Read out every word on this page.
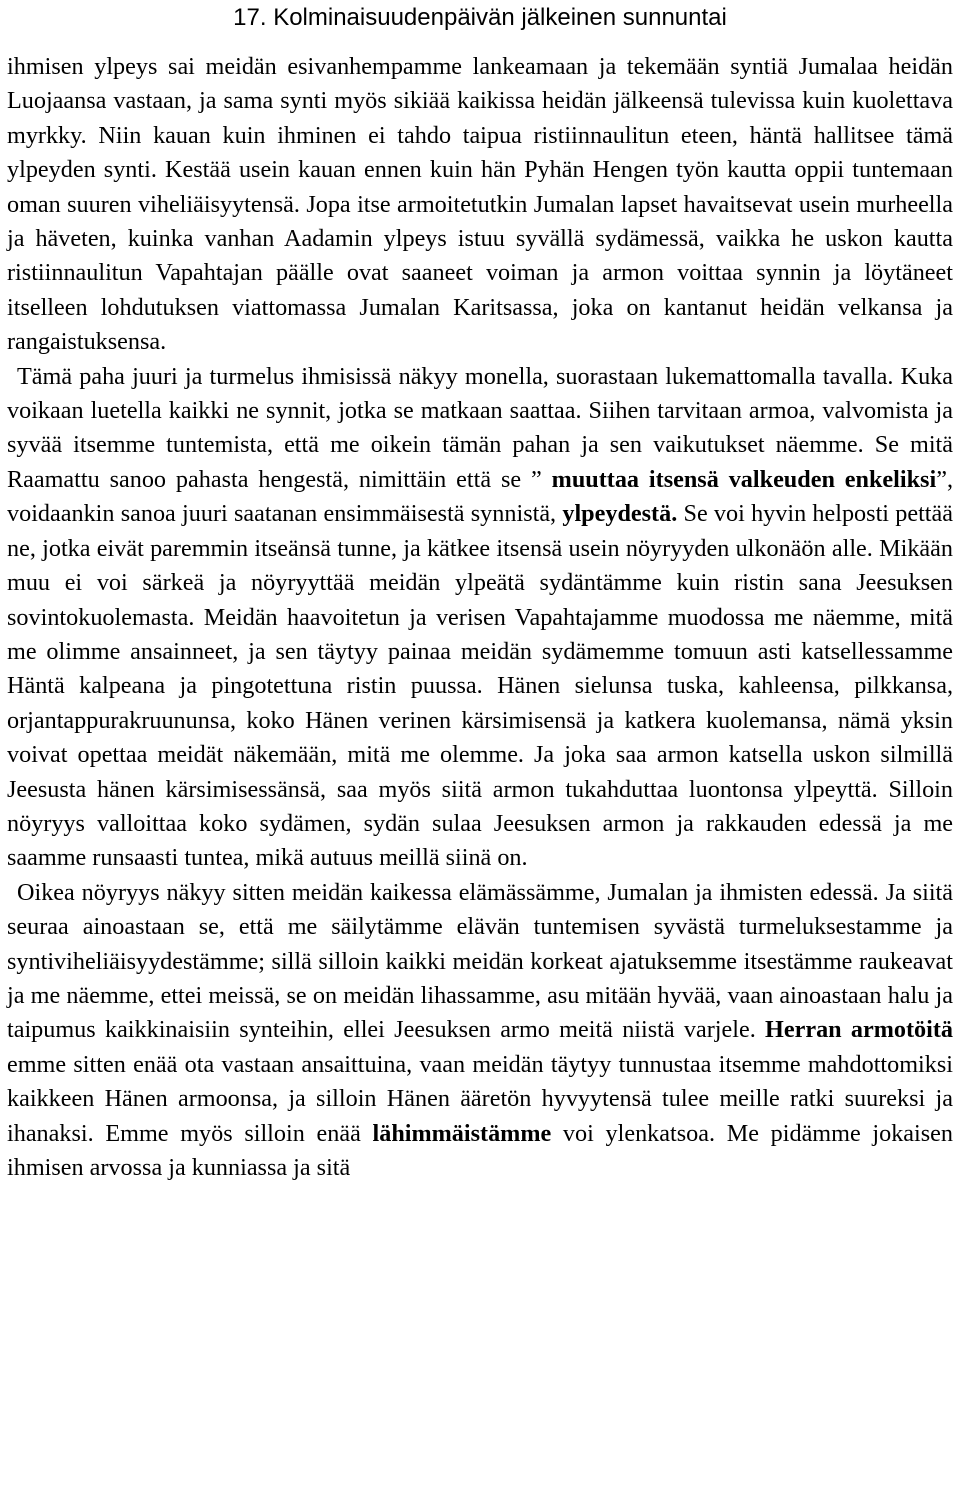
17. Kolminaisuudenpäivän jälkeinen sunnuntai

ihmisen ylpeys sai meidän esivanhempamme lankeamaan ja tekemään syntiä Jumalaa heidän Luojaansa vastaan, ja sama synti myös sikiää kaikissa heidän jälkeensä tulevissa kuin kuolettava myrkky. Niin kauan kuin ihminen ei tahdo taipua ristiinnaulitun eteen, häntä hallitsee tämä ylpeyden synti. Kestää usein kauan ennen kuin hän Pyhän Hengen työn kautta oppii tuntemaan oman suuren viheliäisyytensä. Jopa itse armoitetutkin Jumalan lapset havaitsevat usein murheella ja häveten, kuinka vanhan Aadamin ylpeys istuu syvällä sydämessä, vaikka he uskon kautta ristiinnaulitun Vapahtajan päälle ovat saaneet voiman ja armon voittaa synnin ja löytäneet itselleen lohdutuksen viattomassa Jumalan Karitsassa, joka on kantanut heidän velkansa ja rangaistuksensa.

Tämä paha juuri ja turmelus ihmisissä näkyy monella, suorastaan lukemattomalla tavalla. Kuka voikaan luetella kaikki ne synnit, jotka se matkaan saattaa. Siihen tarvitaan armoa, valvomista ja syvää itsemme tuntemista, että me oikein tämän pahan ja sen vaikutukset näemme. Se mitä Raamattu sanoo pahasta hengestä, nimittäin että se ” muuttaa itsensä valkeuden enkeliksi”, voidaankin sanoa juuri saatanan ensimmäisestä synnistä, ylpeydestä. Se voi hyvin helposti pettää ne, jotka eivät paremmin itseänsä tunne, ja kätkee itsensä usein nöyryyden ulkonäön alle. Mikään muu ei voi särkeä ja nöyryyttää meidän ylpeätä sydäntämme kuin ristin sana Jeesuksen sovintokuolemasta. Meidän haavoitetun ja verisen Vapahtajamme muodossa me näemme, mitä me olimme ansainneet, ja sen täytyy painaa meidän sydämemme tomuun asti katsellessamme Häntä kalpeana ja pingotettuna ristin puussa. Hänen sielunsa tuska, kahleensa, pilkkansa, orjantappurakruununsa, koko Hänen verinen kärsimisensä ja katkera kuolemansa, nämä yksin voivat opettaa meidät näkemään, mitä me olemme. Ja joka saa armon katsella uskon silmillä Jeesusta hänen kärsimisessänsä, saa myös siitä armon tukahduttaa luontonsa ylpeyttä. Silloin nöyryys valloittaa koko sydämen, sydän sulaa Jeesuksen armon ja rakkauden edessä ja me saamme runsaasti tuntea, mikä autuus meillä siinä on.

Oikea nöyryys näkyy sitten meidän kaikessa elämässämme, Jumalan ja ihmisten edessä. Ja siitä seuraa ainoastaan se, että me säilytämme elävän tuntemisen syvästä turmeluksestamme ja syntiviheliäisyydestämme; sillä silloin kaikki meidän korkeat ajatuksemme itsestämme raukeavat ja me näemme, ettei meissä, se on meidän lihassamme, asu mitään hyvää, vaan ainoastaan halu ja taipumus kaikkinaisiin synteihin, ellei Jeesuksen armo meitä niistä varjele. Herran armotöitä emme sitten enää ota vastaan ansaittuina, vaan meidän täytyy tunnustaa itsemme mahdottomiksi kaikkeen Hänen armoonsa, ja silloin Hänen ääretön hyvyytensä tulee meille ratki suureksi ja ihanaksi. Emme myös silloin enää lähimmäistämme voi ylenkatsoa. Me pidämme jokaisen ihmisen arvossa ja kunniassa ja sitä
